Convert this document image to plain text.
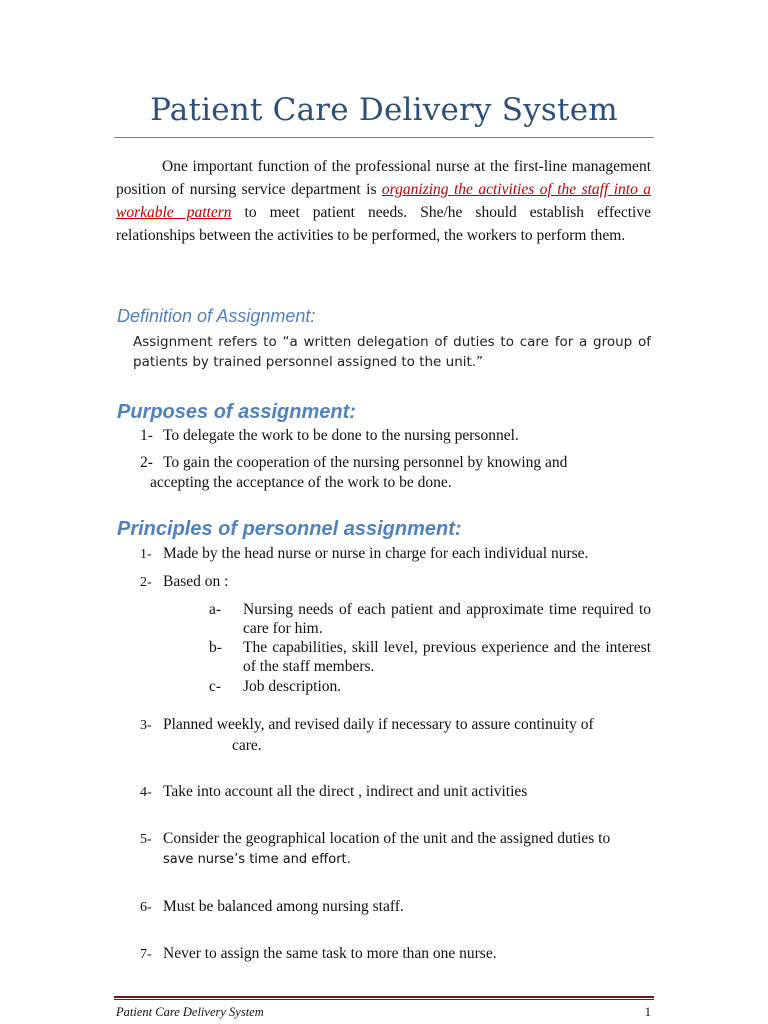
Patient Care Delivery System
One important function of the professional nurse at the first-line management position of nursing service department is organizing the activities of the staff into a workable pattern to meet patient needs. She/he should establish effective relationships between the activities to be performed, the workers to perform them.
Definition of Assignment:
Assignment refers to “a written delegation of duties to care for a group of patients by trained personnel assigned to the unit.”
Purposes of assignment:
1- To delegate the work to be done to the nursing personnel.
2- To gain the cooperation of the nursing personnel by knowing and
accepting the acceptance of the work to be done.
Principles of personnel assignment:
1- Made by the head nurse or nurse in charge for each individual nurse.
2- Based on :
a- Nursing needs of each patient and approximate time required to care for him.
b- The capabilities, skill level, previous experience and the interest of the staff members.
c- Job description.
3- Planned weekly, and revised daily if necessary to assure continuity of
care.
4- Take into account all the direct , indirect and unit activities
5- Consider the geographical location of the unit and the assigned duties to
save nurse’s time and effort.
6- Must be balanced among nursing staff.
7- Never to assign the same task to more than one nurse.
Patient Care Delivery System	1
